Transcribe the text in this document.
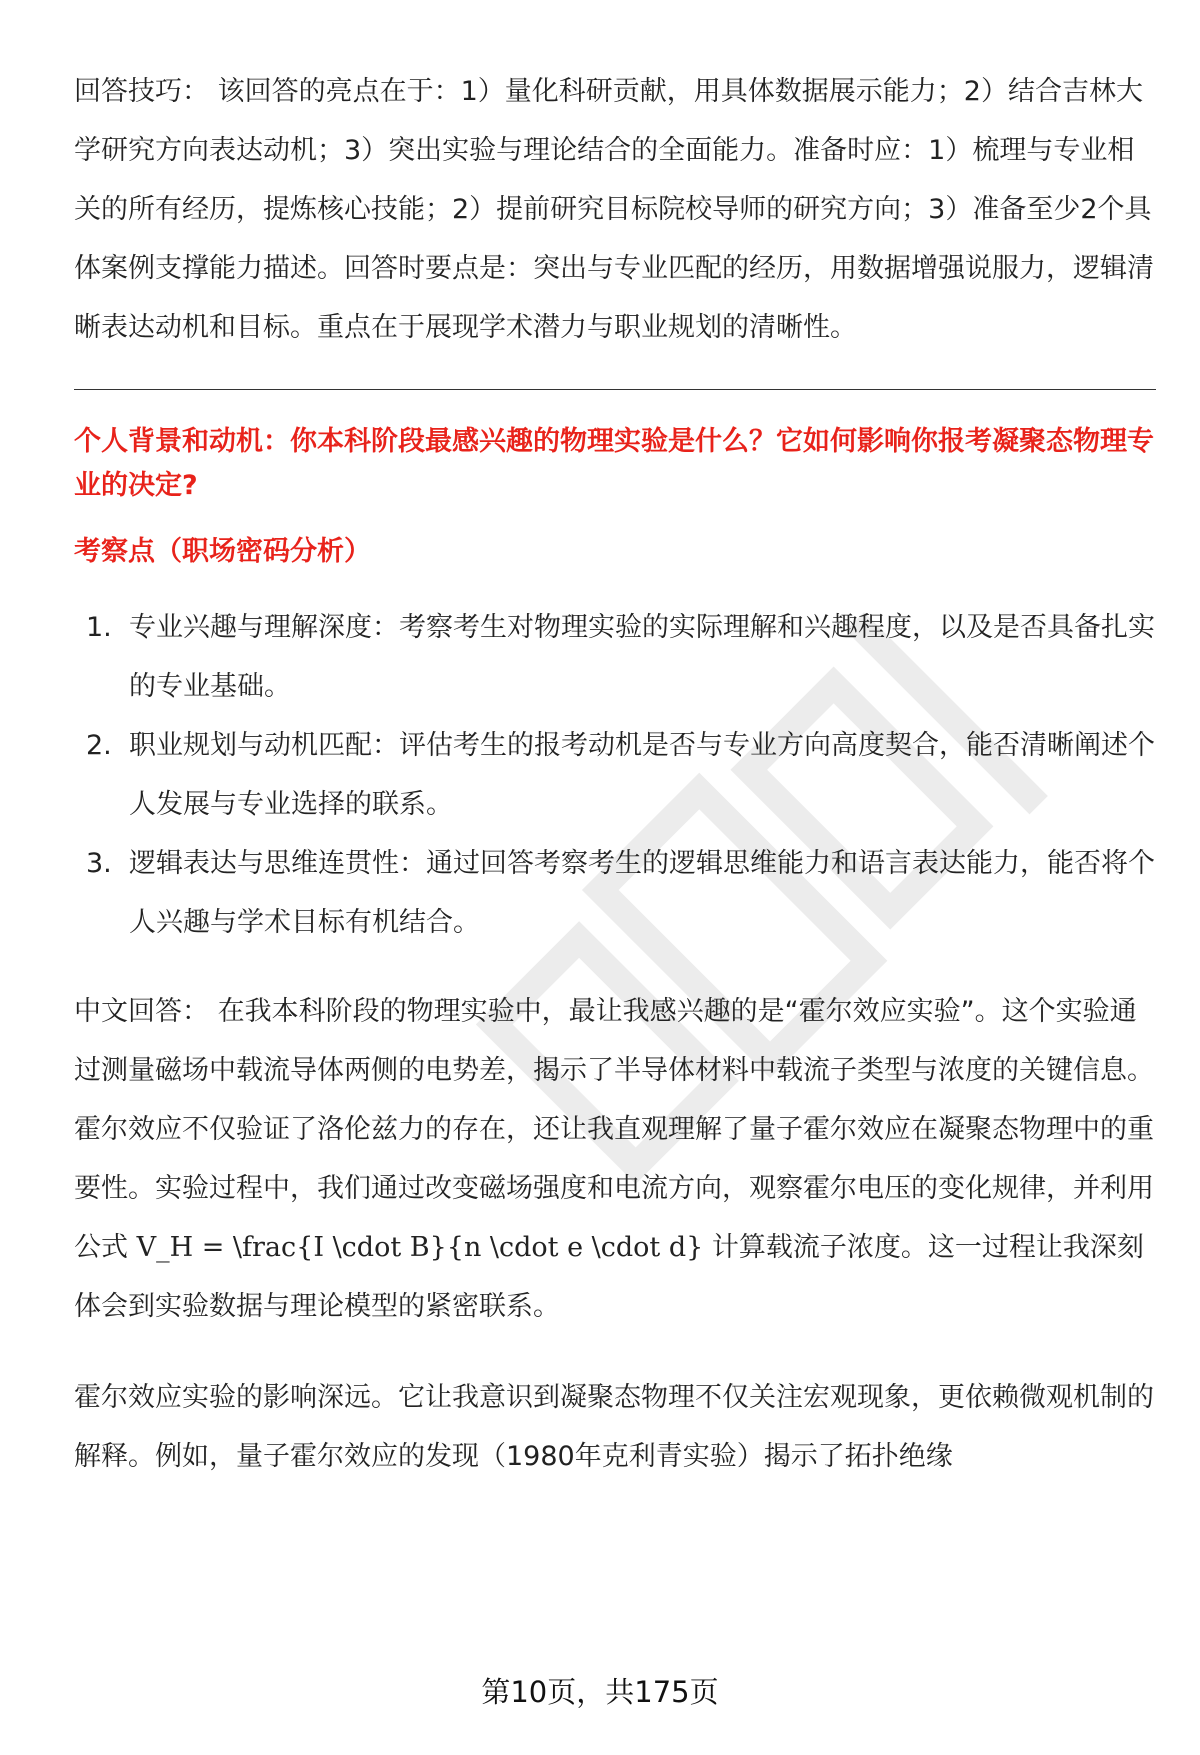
回答技巧： 该回答的亮点在于：1）量化科研贡献，用具体数据展示能力；2）结合吉林大学研究方向表达动机；3）突出实验与理论结合的全面能力。准备时应：1）梳理与专业相关的所有经历，提炼核心技能；2）提前研究目标院校导师的研究方向；3）准备至少2个具体案例支撑能力描述。回答时要点是：突出与专业匹配的经历，用数据增强说服力，逻辑清晰表达动机和目标。重点在于展现学术潜力与职业规划的清晰性。

个人背景和动机：你本科阶段最感兴趣的物理实验是什么？它如何影响你报考凝聚态物理专业的决定?

考察点（职场密码分析）

1. 专业兴趣与理解深度：考察考生对物理实验的实际理解和兴趣程度，以及是否具备扎实的专业基础。
2. 职业规划与动机匹配：评估考生的报考动机是否与专业方向高度契合，能否清晰阐述个人发展与专业选择的联系。
3. 逻辑表达与思维连贯性：通过回答考察考生的逻辑思维能力和语言表达能力，能否将个人兴趣与学术目标有机结合。

中文回答： 在我本科阶段的物理实验中，最让我感兴趣的是“霍尔效应实验”。这个实验通过测量磁场中载流导体两侧的电势差，揭示了半导体材料中载流子类型与浓度的关键信息。霍尔效应不仅验证了洛伦兹力的存在，还让我直观理解了量子霍尔效应在凝聚态物理中的重要性。实验过程中，我们通过改变磁场强度和电流方向，观察霍尔电压的变化规律，并利用公式 V_H = \frac{I \cdot B}{n \cdot e \cdot d} 计算载流子浓度。这一过程让我深刻体会到实验数据与理论模型的紧密联系。

霍尔效应实验的影响深远。它让我意识到凝聚态物理不仅关注宏观现象，更依赖微观机制的解释。例如，量子霍尔效应的发现（1980年克利青实验）揭示了拓扑绝缘

第10页，共175页
